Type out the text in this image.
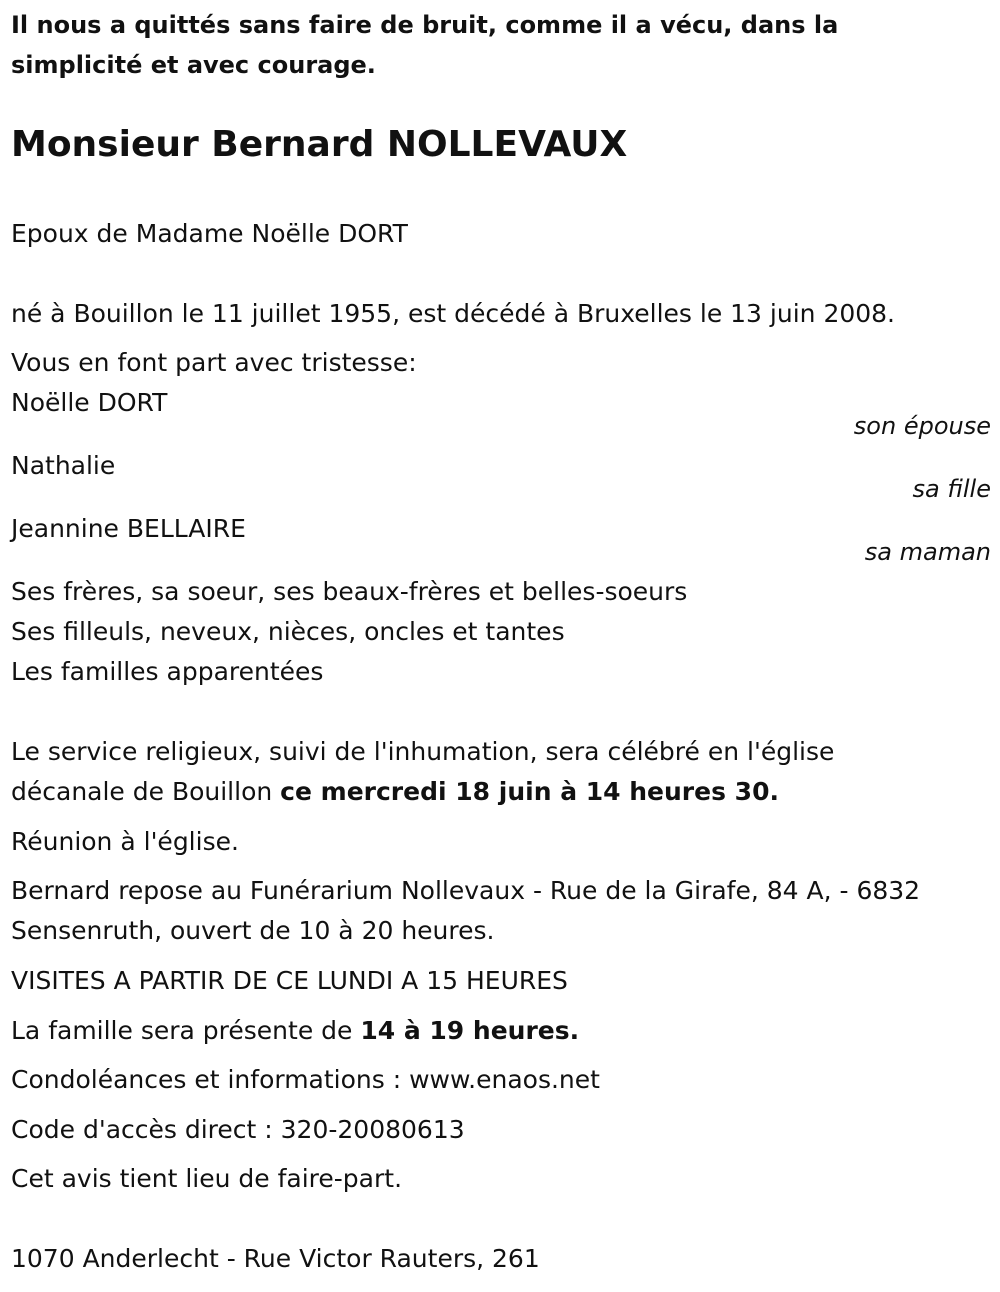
Il nous a quittés sans faire de bruit, comme il a vécu, dans la
simplicité et avec courage.
Monsieur Bernard NOLLEVAUX
Epoux de Madame Noëlle DORT
né à Bouillon le 11 juillet 1955, est décédé à Bruxelles le 13 juin 2008.
Vous en font part avec tristesse:
Noëlle DORT
son épouse
Nathalie
sa fille
Jeannine BELLAIRE
sa maman
Ses frères, sa soeur, ses beaux-frères et belles-soeurs
Ses filleuls, neveux, nièces, oncles et tantes
Les familles apparentées
Le service religieux, suivi de l'inhumation, sera célébré en l'église
décanale de Bouillon ce mercredi 18 juin à 14 heures 30.
Réunion à l'église.
Bernard repose au Funérarium Nollevaux - Rue de la Girafe, 84 A, - 6832
Sensenruth, ouvert de 10 à 20 heures.
VISITES A PARTIR DE CE LUNDI A 15 HEURES
La famille sera présente de 14 à 19 heures.
Condoléances et informations : www.enaos.net
Code d'accès direct : 320-20080613
Cet avis tient lieu de faire-part.
1070 Anderlecht - Rue Victor Rauters, 261
